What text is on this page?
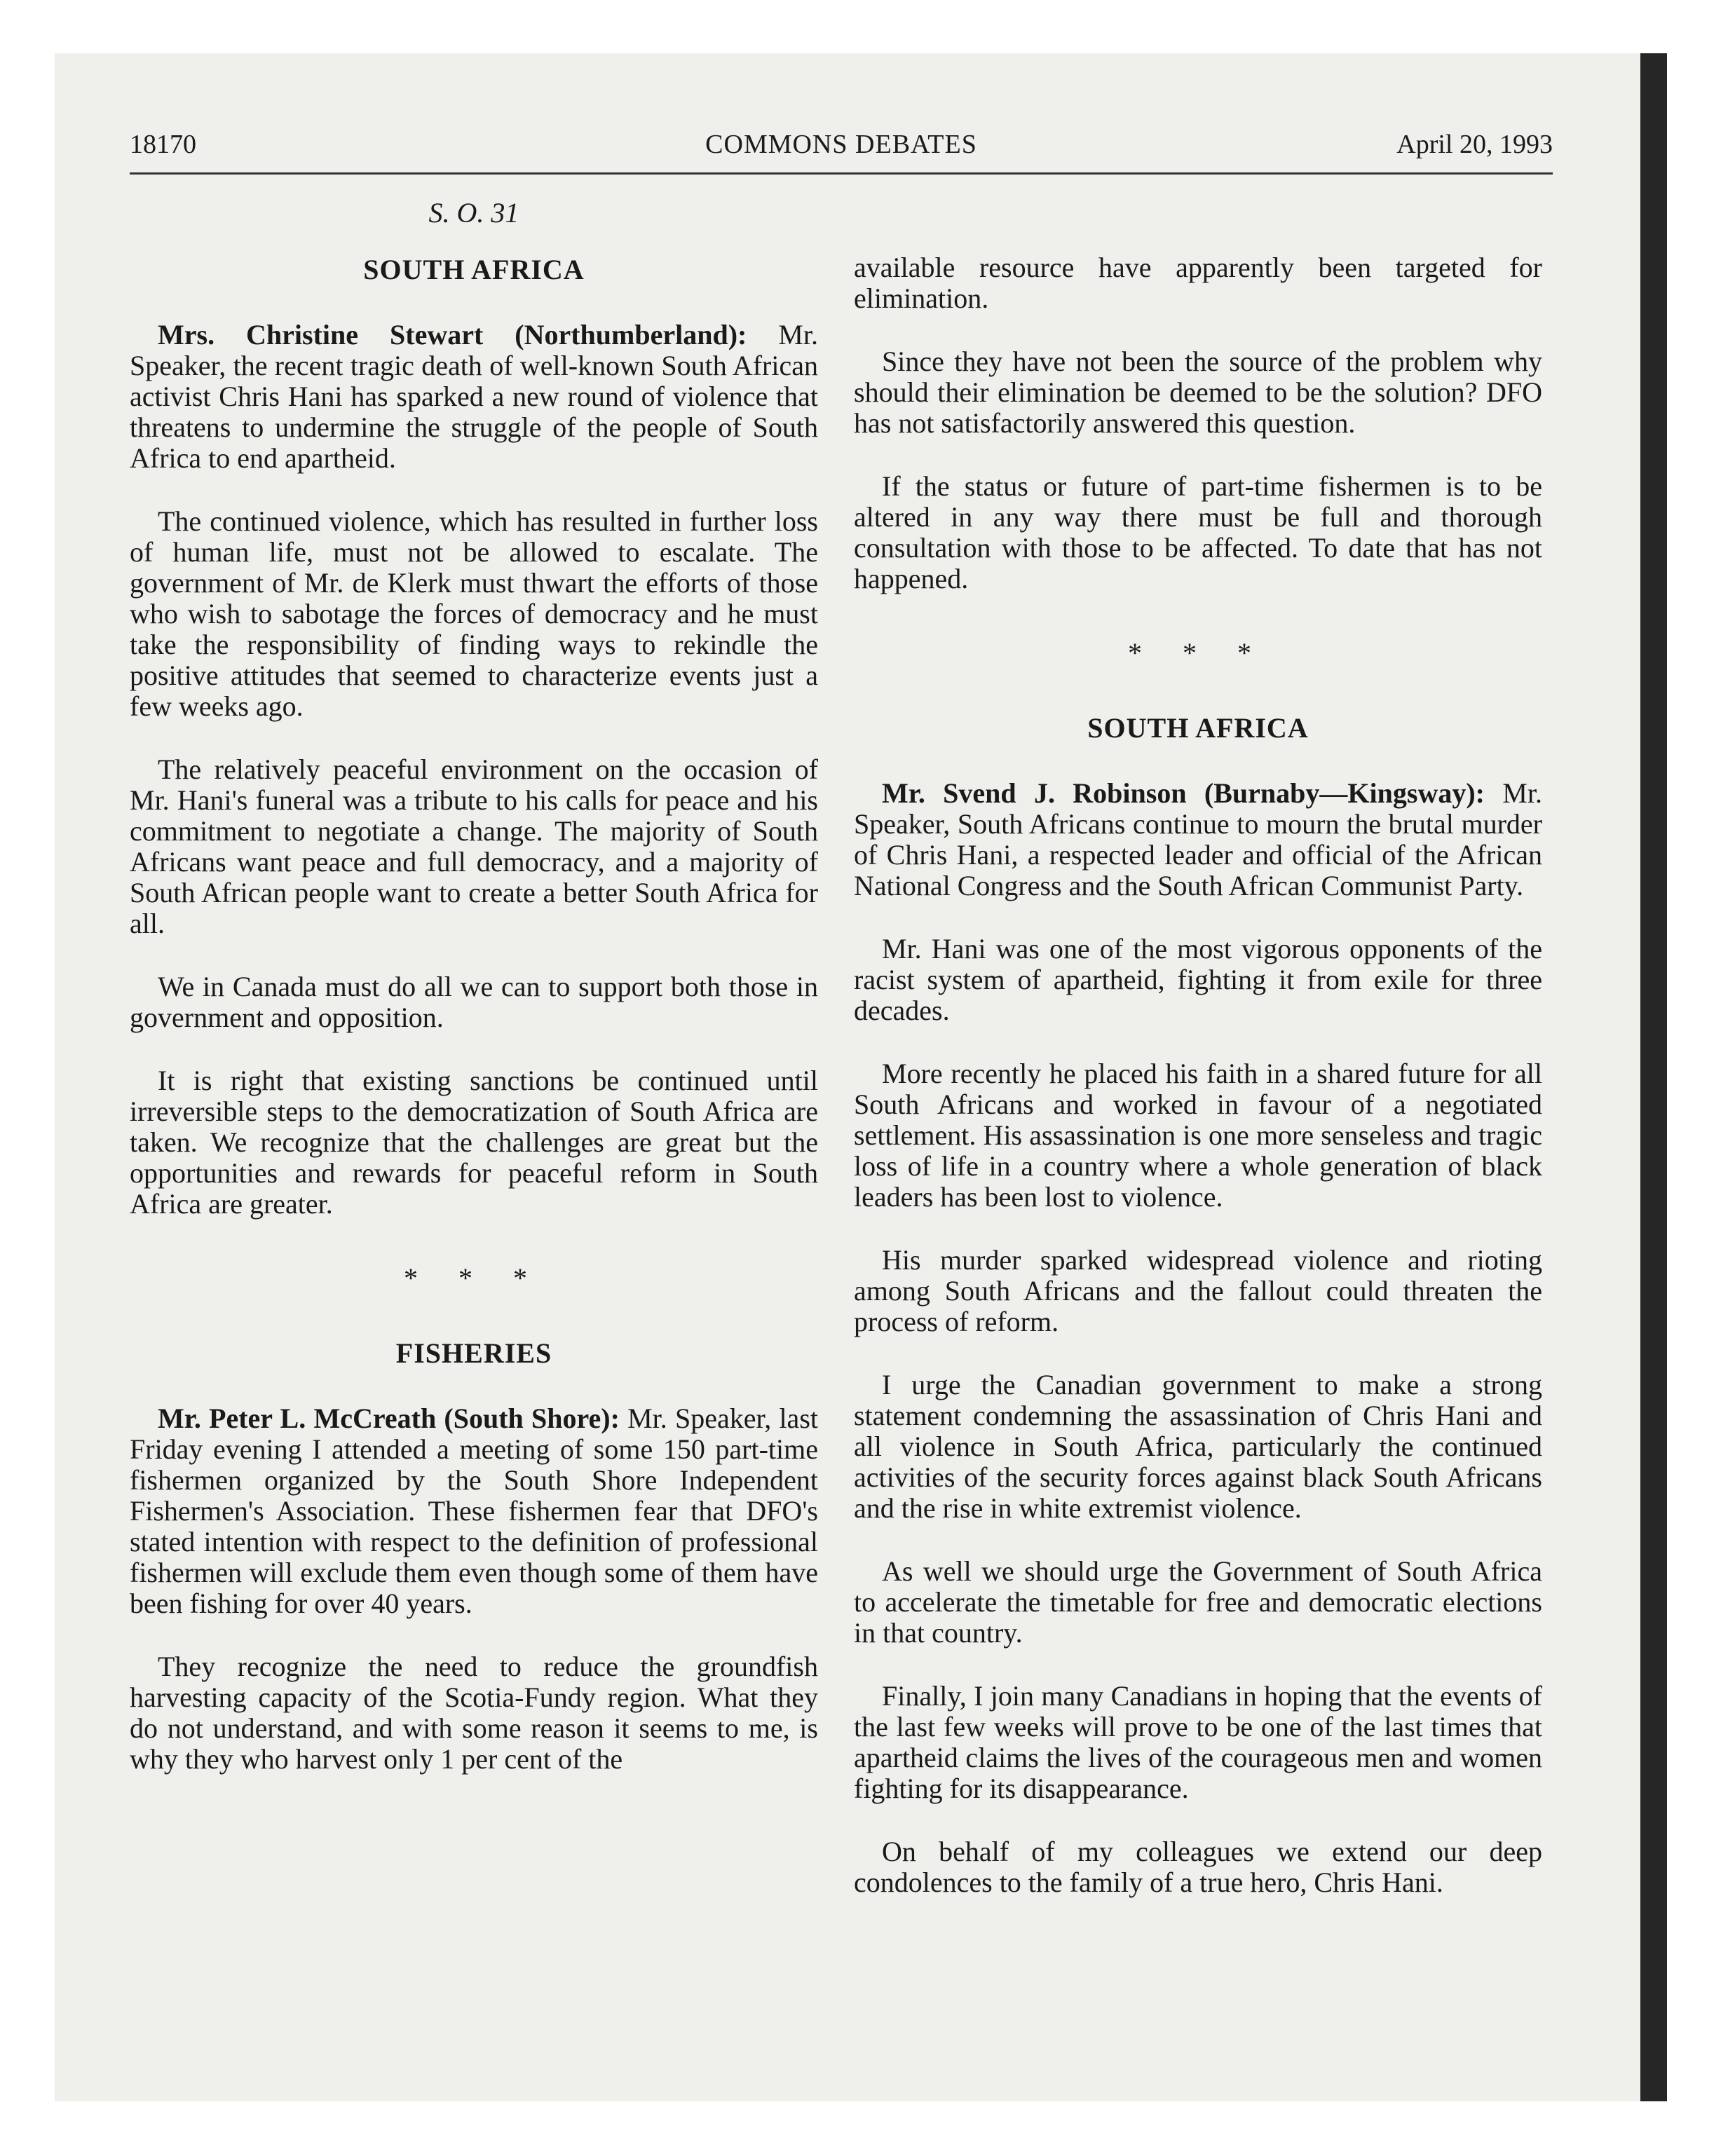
18170	COMMONS DEBATES	April 20, 1993
S. O. 31
SOUTH AFRICA

Mrs. Christine Stewart (Northumberland): Mr. Speaker, the recent tragic death of well-known South African activist Chris Hani has sparked a new round of violence that threatens to undermine the struggle of the people of South Africa to end apartheid.

The continued violence, which has resulted in further loss of human life, must not be allowed to escalate. The government of Mr. de Klerk must thwart the efforts of those who wish to sabotage the forces of democracy and he must take the responsibility of finding ways to rekindle the positive attitudes that seemed to characterize events just a few weeks ago.

The relatively peaceful environment on the occasion of Mr. Hani's funeral was a tribute to his calls for peace and his commitment to negotiate a change. The majority of South Africans want peace and full democracy, and a majority of South African people want to create a better South Africa for all.

We in Canada must do all we can to support both those in government and opposition.

It is right that existing sanctions be continued until irreversible steps to the democratization of South Africa are taken. We recognize that the challenges are great but the opportunities and rewards for peaceful reform in South Africa are greater.

* * *
FISHERIES

Mr. Peter L. McCreath (South Shore): Mr. Speaker, last Friday evening I attended a meeting of some 150 part-time fishermen organized by the South Shore Independent Fishermen's Association. These fishermen fear that DFO's stated intention with respect to the definition of professional fishermen will exclude them even though some of them have been fishing for over 40 years.

They recognize the need to reduce the groundfish harvesting capacity of the Scotia-Fundy region. What they do not understand, and with some reason it seems to me, is why they who harvest only 1 per cent of the

available resource have apparently been targeted for elimination.

Since they have not been the source of the problem why should their elimination be deemed to be the solution? DFO has not satisfactorily answered this question.

If the status or future of part-time fishermen is to be altered in any way there must be full and thorough consultation with those to be affected. To date that has not happened.

* * *
SOUTH AFRICA

Mr. Svend J. Robinson (Burnaby—Kingsway): Mr. Speaker, South Africans continue to mourn the brutal murder of Chris Hani, a respected leader and official of the African National Congress and the South African Communist Party.

Mr. Hani was one of the most vigorous opponents of the racist system of apartheid, fighting it from exile for three decades.

More recently he placed his faith in a shared future for all South Africans and worked in favour of a negotiated settlement. His assassination is one more senseless and tragic loss of life in a country where a whole generation of black leaders has been lost to violence.

His murder sparked widespread violence and rioting among South Africans and the fallout could threaten the process of reform.

I urge the Canadian government to make a strong statement condemning the assassination of Chris Hani and all violence in South Africa, particularly the continued activities of the security forces against black South Africans and the rise in white extremist violence.

As well we should urge the Government of South Africa to accelerate the timetable for free and democratic elections in that country.

Finally, I join many Canadians in hoping that the events of the last few weeks will prove to be one of the last times that apartheid claims the lives of the courageous men and women fighting for its disappearance.

On behalf of my colleagues we extend our deep condolences to the family of a true hero, Chris Hani.
